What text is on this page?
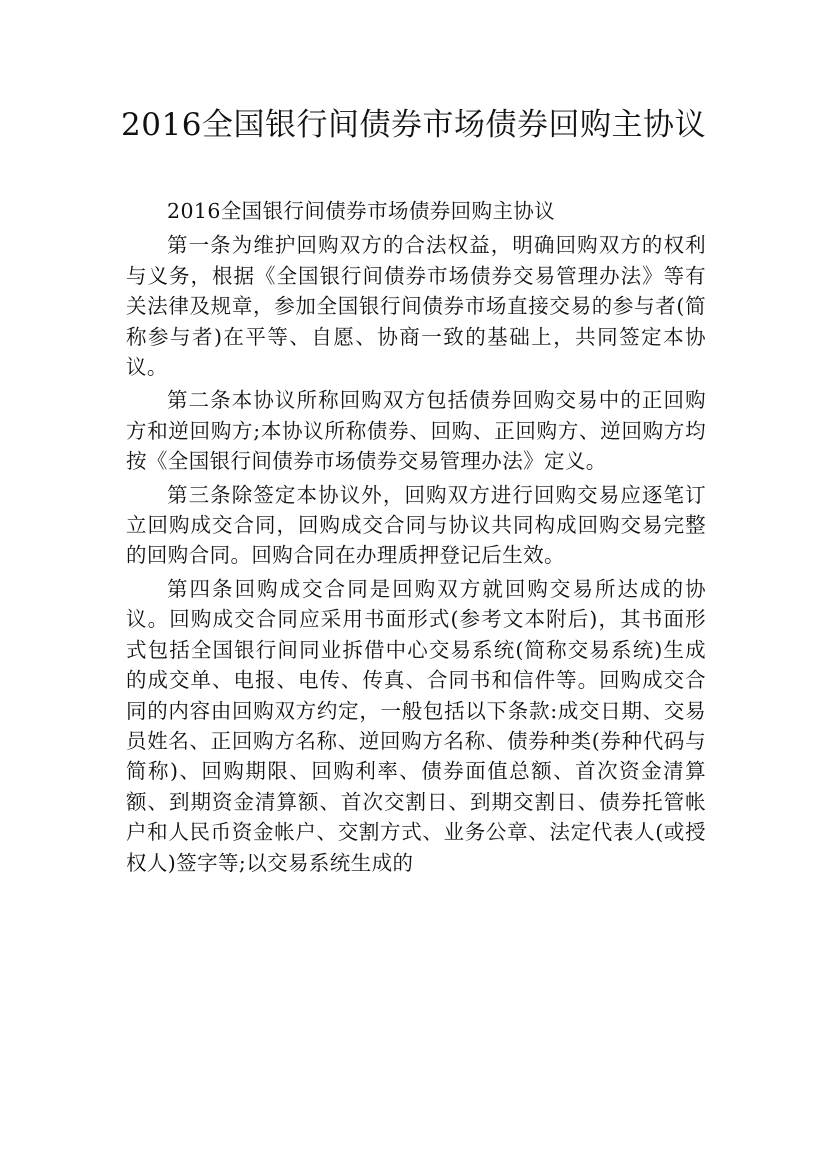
2016全国银行间债券市场债券回购主协议

2016全国银行间债券市场债券回购主协议

第一条为维护回购双方的合法权益，明确回购双方的权利与义务，根据《全国银行间债券市场债券交易管理办法》等有关法律及规章，参加全国银行间债券市场直接交易的参与者(简称参与者)在平等、自愿、协商一致的基础上，共同签定本协议。

第二条本协议所称回购双方包括债券回购交易中的正回购方和逆回购方;本协议所称债券、回购、正回购方、逆回购方均按《全国银行间债券市场债券交易管理办法》定义。

第三条除签定本协议外，回购双方进行回购交易应逐笔订立回购成交合同，回购成交合同与协议共同构成回购交易完整的回购合同。回购合同在办理质押登记后生效。

第四条回购成交合同是回购双方就回购交易所达成的协议。回购成交合同应采用书面形式(参考文本附后)，其书面形式包括全国银行间同业拆借中心交易系统(简称交易系统)生成的成交单、电报、电传、传真、合同书和信件等。回购成交合同的内容由回购双方约定，一般包括以下条款:成交日期、交易员姓名、正回购方名称、逆回购方名称、债券种类(券种代码与简称)、回购期限、回购利率、债券面值总额、首次资金清算额、到期资金清算额、首次交割日、到期交割日、债券托管帐户和人民币资金帐户、交割方式、业务公章、法定代表人(或授权人)签字等;以交易系统生成的
